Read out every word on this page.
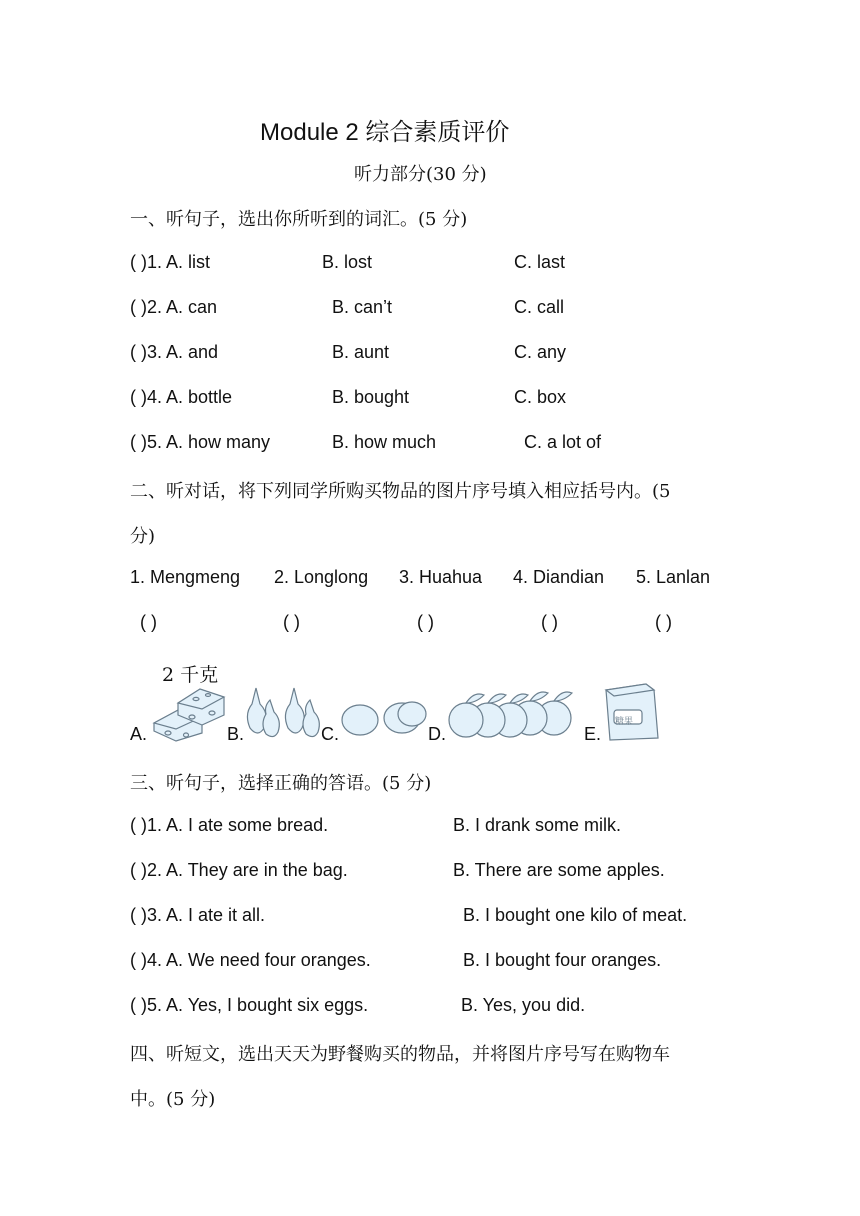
Module 2 综合素质评价
听力部分(30 分)
一、听句子，选出你所听到的词汇。(5 分)
( )1. A. list	B. lost	C. last
( )2. A. can	B. can’t	C. call
( )3. A. and	B. aunt	C. any
( )4. A. bottle	B. bought	C. box
( )5. A. how many	B. how much	C. a lot of
二、听对话，将下列同学所购买物品的图片序号填入相应括号内。(5
分)
1. Mengmeng 2. Longlong 3. Huahua 4. Diandian 5. Lanlan
( )	( )	( )	( )	( )
A.
2 千克
B.	C.	D.	E.
糖果
三、听句子，选择正确的答语。(5 分)
( )1. A. I ate some bread.	B. I drank some milk.
( )2. A. They are in the bag.	B. There are some apples.
( )3. A. I ate it all.	B. I bought one kilo of meat.
( )4. A. We need four oranges.	B. I bought four oranges.
( )5. A. Yes, I bought six eggs.	B. Yes, you did.
四、听短文，选出天天为野餐购买的物品，并将图片序号写在购物车
中。(5 分)
